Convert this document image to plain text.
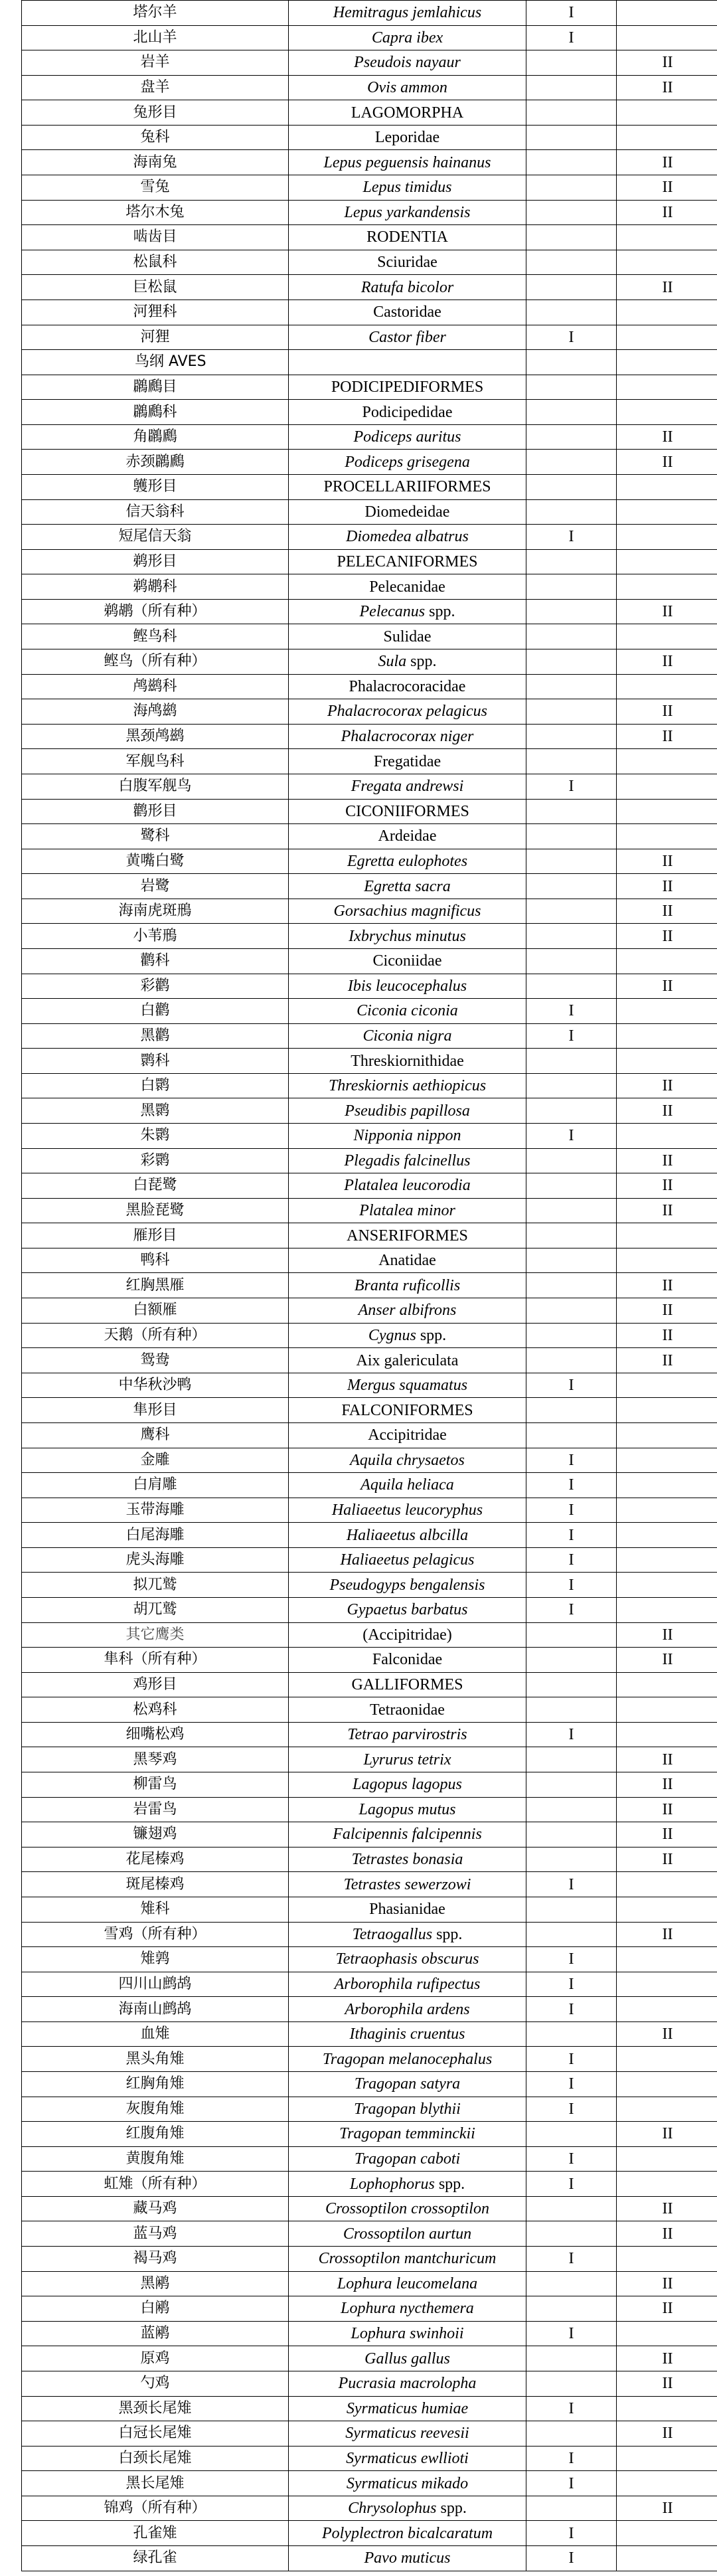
塔尔羊	Hemitragus jemlahicus	I	
北山羊	Capra ibex	I	
岩羊	Pseudois nayaur		II
盘羊	Ovis ammon		II
兔形目	LAGOMORPHA		
兔科	Leporidae		
海南兔	Lepus peguensis hainanus		II
雪兔	Lepus timidus		II
塔尔木兔	Lepus yarkandensis		II
啮齿目	RODENTIA		
松鼠科	Sciuridae		
巨松鼠	Ratufa bicolor		II
河狸科	Castoridae		
河狸	Castor fiber	I	
鸟纲 AVES			
鸊鷉目	PODICIPEDIFORMES		
鸊鷉科	Podicipedidae		
角鸊鷉	Podiceps auritus		II
赤颈鸊鷉	Podiceps grisegena		II
鹱形目	PROCELLARIIFORMES		
信天翁科	Diomedeidae		
短尾信天翁	Diomedea albatrus	I	
鹈形目	PELECANIFORMES		
鹈鹕科	Pelecanidae		
鹈鹕（所有种）	Pelecanus spp.		II
鲣鸟科	Sulidae		
鲣鸟（所有种）	Sula spp.		II
鸬鹚科	Phalacrocoracidae		
海鸬鹚	Phalacrocorax pelagicus		II
黑颈鸬鹚	Phalacrocorax niger		II
军舰鸟科	Fregatidae		
白腹军舰鸟	Fregata andrewsi	I	
鹳形目	CICONIIFORMES		
鹭科	Ardeidae		
黄嘴白鹭	Egretta eulophotes		II
岩鹭	Egretta sacra		II
海南虎斑鳽	Gorsachius magnificus		II
小苇鳽	Ixbrychus minutus		II
鹳科	Ciconiidae		
彩鹳	Ibis leucocephalus		II
白鹳	Ciconia ciconia	I	
黑鹳	Ciconia nigra	I	
鹮科	Threskiornithidae		
白鹮	Threskiornis aethiopicus		II
黑鹮	Pseudibis papillosa		II
朱鹮	Nipponia nippon	I	
彩鹮	Plegadis falcinellus		II
白琵鹭	Platalea leucorodia		II
黑脸琵鹭	Platalea minor		II
雁形目	ANSERIFORMES		
鸭科	Anatidae		
红胸黑雁	Branta ruficollis		II
白额雁	Anser albifrons		II
天鹅（所有种）	Cygnus spp.		II
鸳鸯	Aix galericulata		II
中华秋沙鸭	Mergus squamatus	I	
隼形目	FALCONIFORMES		
鹰科	Accipitridae		
金雕	Aquila chrysaetos	I	
白肩雕	Aquila heliaca	I	
玉带海雕	Haliaeetus leucoryphus	I	
白尾海雕	Haliaeetus albcilla	I	
虎头海雕	Haliaeetus pelagicus	I	
拟兀鹫	Pseudogyps bengalensis	I	
胡兀鹫	Gypaetus barbatus	I	
其它鹰类	(Accipitridae)		II
隼科（所有种）	Falconidae		II
鸡形目	GALLIFORMES		
松鸡科	Tetraonidae		
细嘴松鸡	Tetrao parvirostris	I	
黑琴鸡	Lyrurus tetrix		II
柳雷鸟	Lagopus lagopus		II
岩雷鸟	Lagopus mutus		II
镰翅鸡	Falcipennis falcipennis		II
花尾榛鸡	Tetrastes bonasia		II
斑尾榛鸡	Tetrastes sewerzowi	I	
雉科	Phasianidae		
雪鸡（所有种）	Tetraogallus spp.		II
雉鹑	Tetraophasis obscurus	I	
四川山鹧鸪	Arborophila rufipectus	I	
海南山鹧鸪	Arborophila ardens	I	
血雉	Ithaginis cruentus		II
黑头角雉	Tragopan melanocephalus	I	
红胸角雉	Tragopan satyra	I	
灰腹角雉	Tragopan blythii	I	
红腹角雉	Tragopan temminckii		II
黄腹角雉	Tragopan caboti	I	
虹雉（所有种）	Lophophorus spp.	I	
藏马鸡	Crossoptilon crossoptilon		II
蓝马鸡	Crossoptilon aurtun		II
褐马鸡	Crossoptilon mantchuricum	I	
黑鹇	Lophura leucomelana		II
白鹇	Lophura nycthemera		II
蓝鹇	Lophura swinhoii	I	
原鸡	Gallus gallus		II
勺鸡	Pucrasia macrolopha		II
黑颈长尾雉	Syrmaticus humiae	I	
白冠长尾雉	Syrmaticus reevesii		II
白颈长尾雉	Syrmaticus ewllioti	I	
黑长尾雉	Syrmaticus mikado	I	
锦鸡（所有种）	Chrysolophus spp.		II
孔雀雉	Polyplectron bicalcaratum	I	
绿孔雀	Pavo muticus	I	
